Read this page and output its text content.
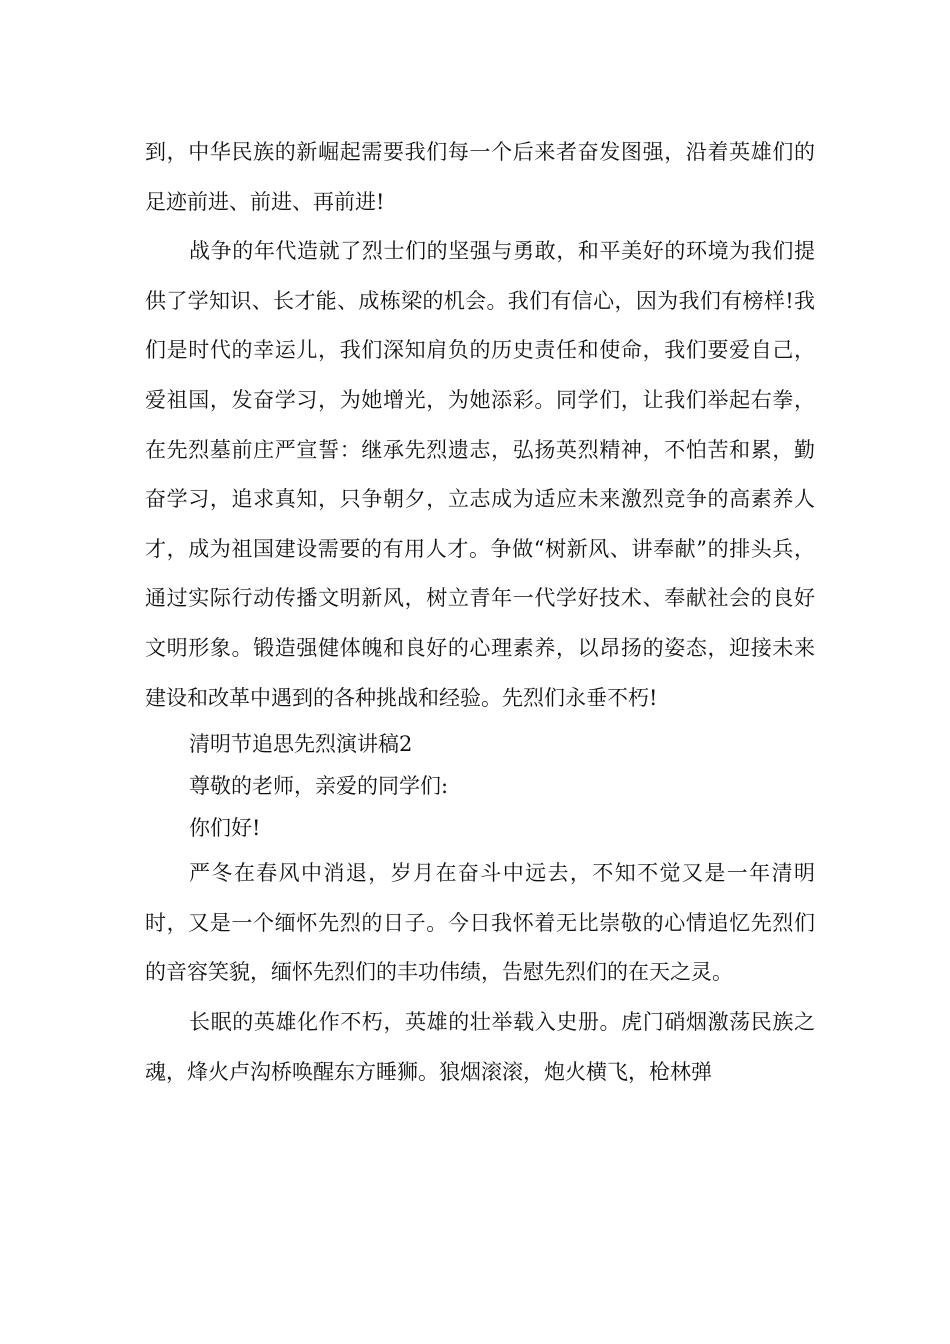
到，中华民族的新崛起需要我们每一个后来者奋发图强，沿着英雄们的足迹前进、前进、再前进!

战争的年代造就了烈士们的坚强与勇敢，和平美好的环境为我们提供了学知识、长才能、成栋梁的机会。我们有信心，因为我们有榜样!我们是时代的幸运儿，我们深知肩负的历史责任和使命，我们要爱自己，爱祖国，发奋学习，为她增光，为她添彩。同学们，让我们举起右拳，在先烈墓前庄严宣誓：继承先烈遗志，弘扬英烈精神，不怕苦和累，勤奋学习，追求真知，只争朝夕，立志成为适应未来激烈竞争的高素养人才，成为祖国建设需要的有用人才。争做“树新风、讲奉献”的排头兵，通过实际行动传播文明新风，树立青年一代学好技术、奉献社会的良好文明形象。锻造强健体魄和良好的心理素养，以昂扬的姿态，迎接未来建设和改革中遇到的各种挑战和经验。先烈们永垂不朽!

清明节追思先烈演讲稿2

尊敬的老师，亲爱的同学们:

你们好!

严冬在春风中消退，岁月在奋斗中远去，不知不觉又是一年清明时，又是一个缅怀先烈的日子。今日我怀着无比崇敬的心情追忆先烈们的音容笑貌，缅怀先烈们的丰功伟绩，告慰先烈们的在天之灵。

长眠的英雄化作不朽，英雄的壮举载入史册。虎门硝烟激荡民族之魂，烽火卢沟桥唤醒东方睡狮。狼烟滚滚，炮火横飞，枪林弹
